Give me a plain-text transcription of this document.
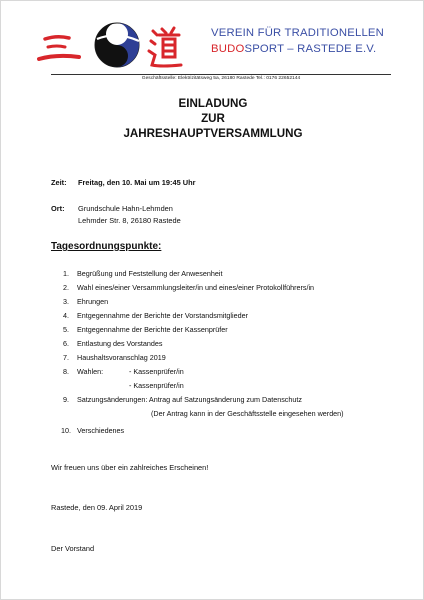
VEREIN FÜR TRADITIONELLEN
BUDOSPORT – RASTEDE E.V.
Geschäftsstelle: Elektrizitätsweg 5a, 26180 Rastede Tel.: 0176 22652144
EINLADUNG
ZUR
JAHRESHAUPTVERSAMMLUNG
Zeit: Freitag, den 10. Mai um 19:45 Uhr
Ort: Grundschule Hahn-Lehmden
Lehmder Str. 8, 26180 Rastede
Tagesordnungspunkte:
1.	Begrüßung und Feststellung der Anwesenheit
2.	Wahl eines/einer Versammlungsleiter/in und eines/einer Protokollführers/in
3.	Ehrungen
4.	Entgegennahme der Berichte der Vorstandsmitglieder
5.	Entgegennahme der Berichte der Kassenprüfer
6.	Entlastung des Vorstandes
7.	Haushaltsvoranschlag 2019
8.	Wahlen:	- Kassenprüfer/in
- Kassenprüfer/in
9.	Satzungsänderungen: Antrag auf Satzungsänderung zum Datenschutz
(Der Antrag kann in der Geschäftsstelle eingesehen werden)
10. Verschiedenes
Wir freuen uns über ein zahlreiches Erscheinen!
Rastede, den 09. April 2019
Der Vorstand
